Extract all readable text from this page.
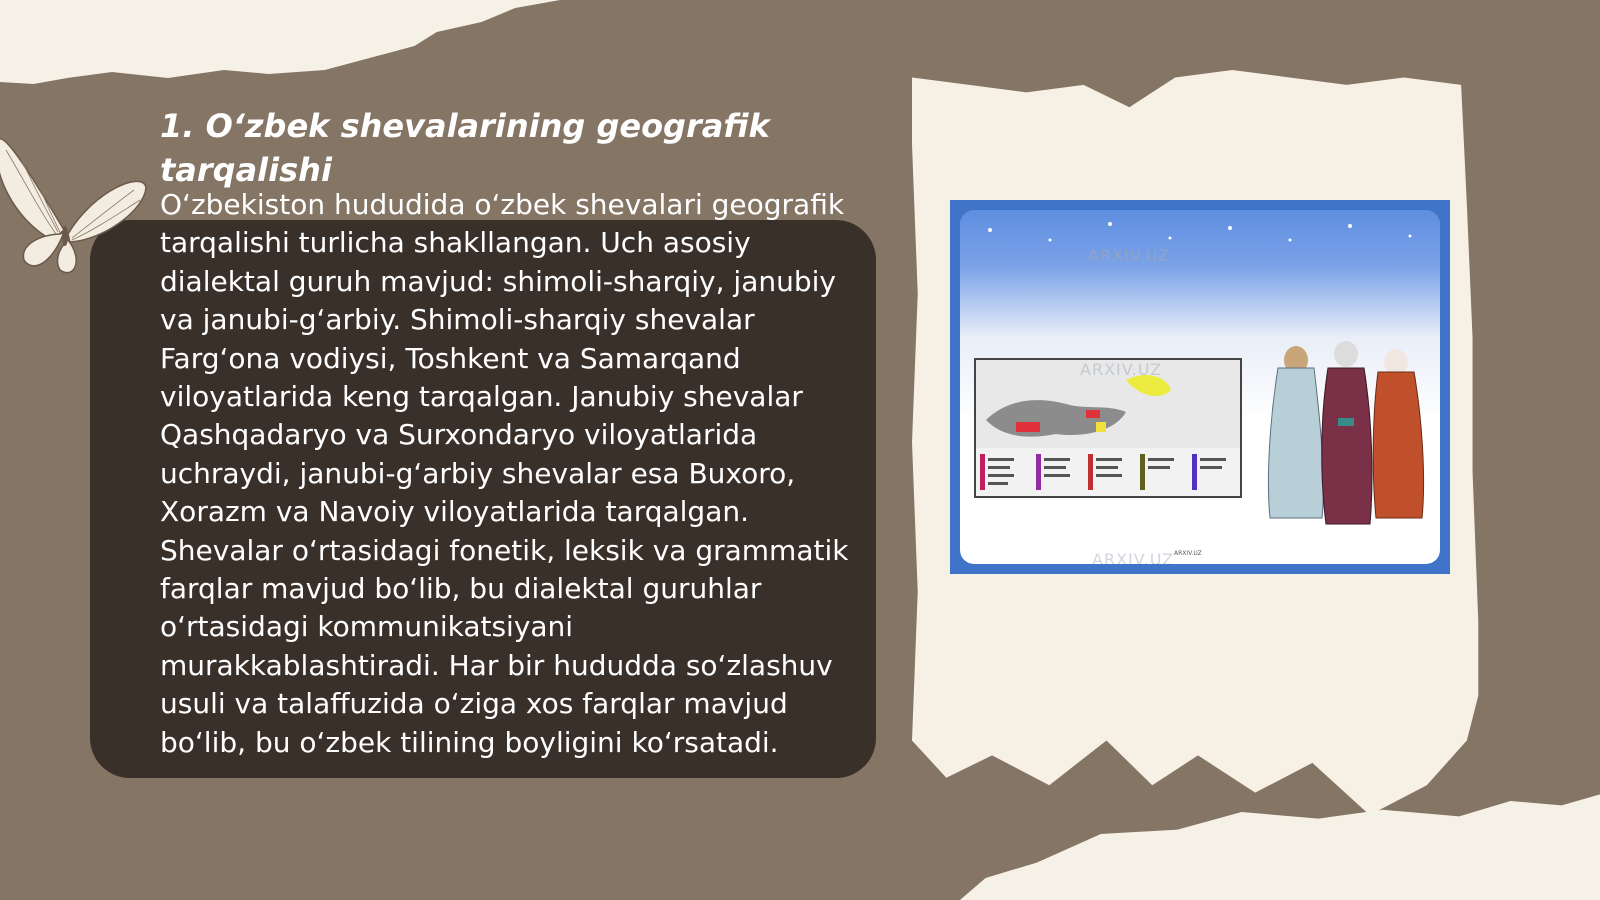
1. O‘zbek shevalarining geografik tarqalishi

O‘zbekiston hududida o‘zbek shevalari geografik tarqalishi turlicha shakllangan. Uch asosiy dialektal guruh mavjud: shimoli-sharqiy, janubiy va janubi-g‘arbiy. Shimoli-sharqiy shevalar Farg‘ona vodiysi, Toshkent va Samarqand viloyatlarida keng tarqalgan. Janubiy shevalar Qashqadaryo va Surxondaryo viloyatlarida uchraydi, janubi-g‘arbiy shevalar esa Buxoro, Xorazm va Navoiy viloyatlarida tarqalgan. Shevalar o‘rtasidagi fonetik, leksik va grammatik farqlar mavjud bo‘lib, bu dialektal guruhlar o‘rtasidagi kommunikatsiyani murakkablashtiradi. Har bir hududda so‘zlashuv usuli va talaffuzida o‘ziga xos farqlar mavjud bo‘lib, bu o‘zbek tilining boyligini ko‘rsatadi.

ARXIV.UZ
ARXIV.UZ
ARXIV.UZ
ARXIV.UZ
